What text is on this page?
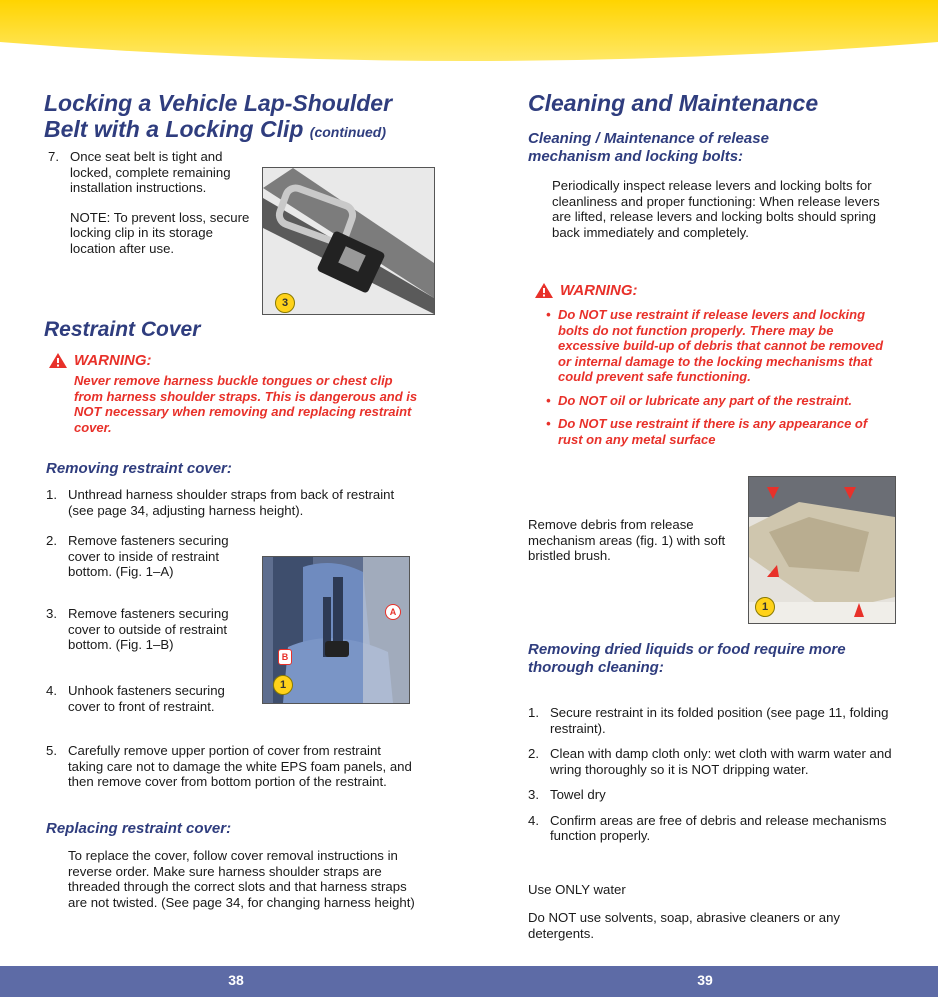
Locking a Vehicle Lap-Shoulder
Belt with a Locking Clip (continued)
7. Once seat belt is tight and locked, complete remaining installation instructions.
NOTE: To prevent loss, secure locking clip in its storage location after use.
3
Restraint Cover
WARNING:
Never remove harness buckle tongues or chest clip from harness shoulder straps. This is dangerous and is NOT necessary when removing and replacing restraint cover.
Removing restraint cover:
1. Unthread harness shoulder straps from back of restraint (see page 34, adjusting harness height).
2. Remove fasteners securing cover to inside of restraint bottom. (Fig. 1–A)
3. Remove fasteners securing cover to outside of restraint bottom. (Fig. 1–B)
4. Unhook fasteners securing cover to front of restraint.
A
B
1
5. Carefully remove upper portion of cover from restraint taking care not to damage the white EPS foam panels, and then remove cover from bottom portion of the restraint.
Replacing restraint cover:
To replace the cover, follow cover removal instructions in reverse order. Make sure harness shoulder straps are threaded through the correct slots and that harness straps are not twisted. (See page 34, for changing harness height)
Cleaning and Maintenance
Cleaning / Maintenance of release mechanism and locking bolts:
Periodically inspect release levers and locking bolts for cleanliness and proper functioning: When release levers are lifted, release levers and locking bolts should spring back immediately and completely.
WARNING:
• Do NOT use restraint if release levers and locking bolts do not function properly. There may be excessive build-up of debris that cannot be removed or internal damage to the locking mechanisms that could prevent safe functioning.
• Do NOT oil or lubricate any part of the restraint.
• Do NOT use restraint if there is any appearance of rust on any metal surface
Remove debris from release mechanism areas (fig. 1) with soft bristled brush.
1
Removing dried liquids or food require more thorough cleaning:
1. Secure restraint in its folded position (see page 11, folding restraint).
2. Clean with damp cloth only: wet cloth with warm water and wring thoroughly so it is NOT dripping water.
3. Towel dry
4. Confirm areas are free of debris and release mechanisms function properly.
Use ONLY water
Do NOT use solvents, soap, abrasive cleaners or any detergents.
38	39
